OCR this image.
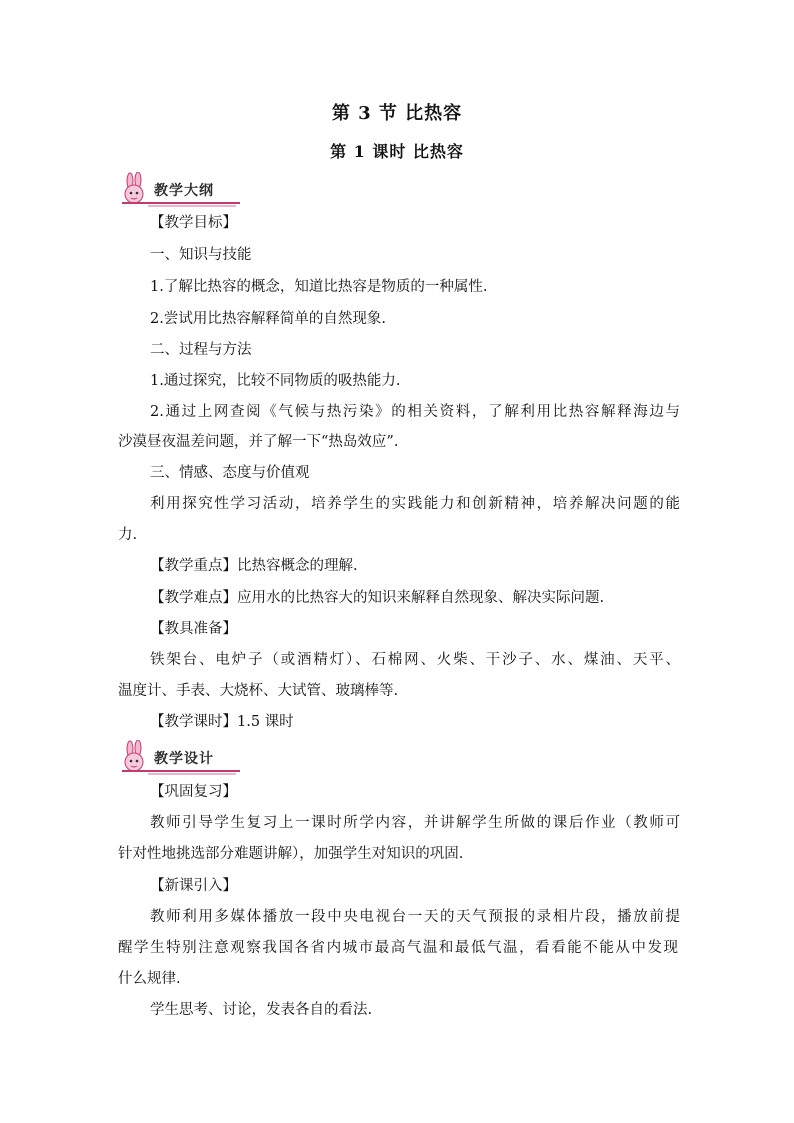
第 3 节 比热容
第 1 课时 比热容
教学大纲
【教学目标】
一、知识与技能
1.了解比热容的概念，知道比热容是物质的一种属性.
2.尝试用比热容解释简单的自然现象.
二、过程与方法
1.通过探究，比较不同物质的吸热能力.
2.通过上网查阅《气候与热污染》的相关资料，了解利用比热容解释海边与
沙漠昼夜温差问题，并了解一下“热岛效应”.
三、情感、态度与价值观
利用探究性学习活动，培养学生的实践能力和创新精神，培养解决问题的能
力.
【教学重点】比热容概念的理解.
【教学难点】应用水的比热容大的知识来解释自然现象、解决实际问题.
【教具准备】
铁架台、电炉子（或酒精灯）、石棉网、火柴、干沙子、水、煤油、天平、
温度计、手表、大烧杯、大试管、玻璃棒等.
【教学课时】1.5 课时
教学设计
【巩固复习】
教师引导学生复习上一课时所学内容，并讲解学生所做的课后作业（教师可
针对性地挑选部分难题讲解），加强学生对知识的巩固.
【新课引入】
教师利用多媒体播放一段中央电视台一天的天气预报的录相片段，播放前提
醒学生特别注意观察我国各省内城市最高气温和最低气温，看看能不能从中发现
什么规律.
学生思考、讨论，发表各自的看法.
